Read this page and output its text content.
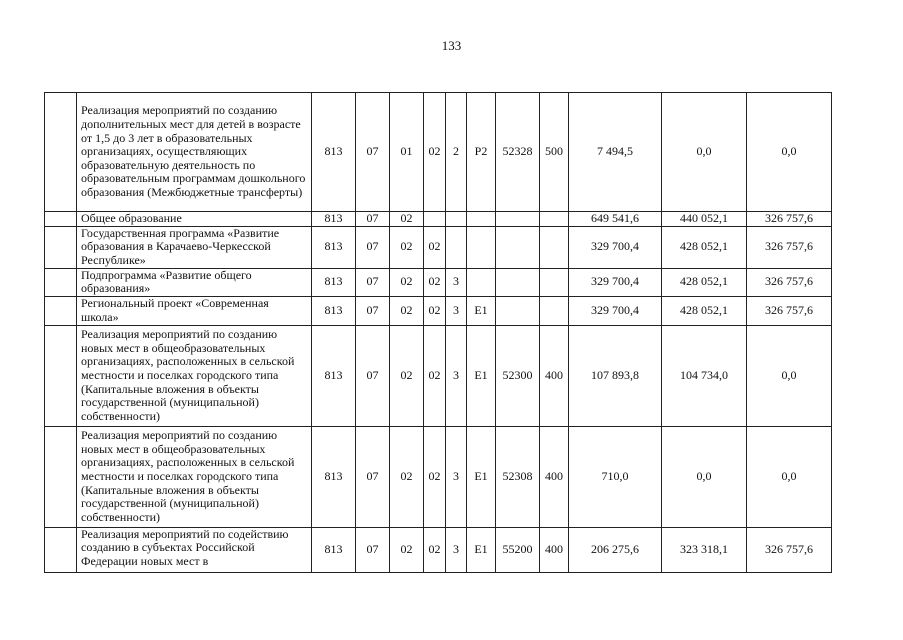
133
	Реализация мероприятий по созданию дополнительных мест для детей в возрасте от 1,5 до 3 лет в образовательных организациях, осуществляющих образовательную деятельность по образовательным программам дошкольного образования (Межбюджетные трансферты)	813	07	01	02	2	P2	52328	500	7 494,5	0,0	0,0
	Общее образование	813	07	02						649 541,6	440 052,1	326 757,6
	Государственная программа «Развитие образования в Карачаево-Черкесской Республике»	813	07	02	02					329 700,4	428 052,1	326 757,6
	Подпрограмма «Развитие общего образования»	813	07	02	02	3				329 700,4	428 052,1	326 757,6
	Региональный проект «Современная школа»	813	07	02	02	3	E1			329 700,4	428 052,1	326 757,6
	Реализация мероприятий по созданию новых мест в общеобразовательных организациях, расположенных в сельской местности и поселках городского типа (Капитальные вложения в объекты государственной (муниципальной) собственности)	813	07	02	02	3	E1	52300	400	107 893,8	104 734,0	0,0
	Реализация мероприятий по созданию новых мест в общеобразовательных организациях, расположенных в сельской местности и поселках городского типа (Капитальные вложения в объекты государственной (муниципальной) собственности)	813	07	02	02	3	E1	52308	400	710,0	0,0	0,0
	Реализация мероприятий по содействию созданию в субъектах Российской Федерации новых мест в	813	07	02	02	3	E1	55200	400	206 275,6	323 318,1	326 757,6
